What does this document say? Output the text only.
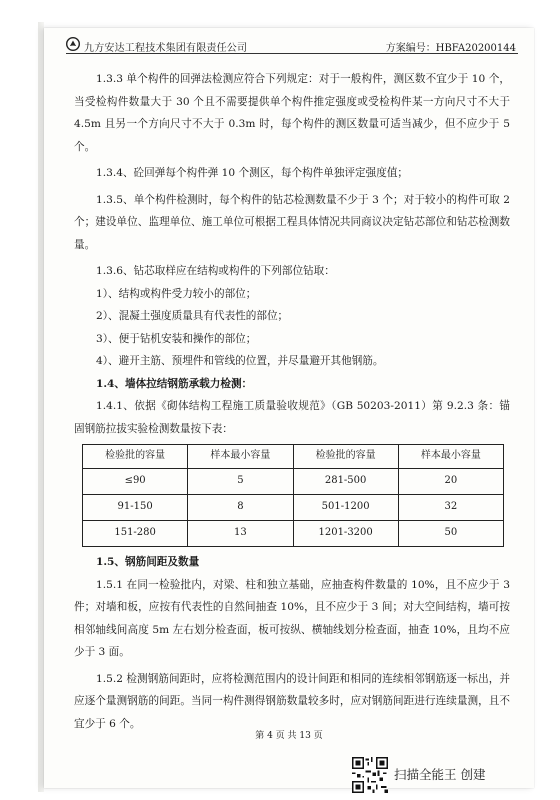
九方安达工程技术集团有限责任公司	方案编号：HBFA20200144

1.3.3 单个构件的回弹法检测应符合下列规定：对于一般构件，测区数不宜少于 10 个，当受检构件数量大于 30 个且不需要提供单个构件推定强度或受检构件某一方向尺寸不大于 4.5m 且另一个方向尺寸不大于 0.3m 时，每个构件的测区数量可适当减少，但不应少于 5 个。

1.3.4、砼回弹每个构件弹 10 个测区，每个构件单独评定强度值；

1.3.5、单个构件检测时，每个构件的钻芯检测数量不少于 3 个；对于较小的构件可取 2 个；建设单位、监理单位、施工单位可根据工程具体情况共同商议决定钻芯部位和钻芯检测数量。

1.3.6、钻芯取样应在结构或构件的下列部位钻取：

1）、结构或构件受力较小的部位；

2）、混凝土强度质量具有代表性的部位；

3）、便于钻机安装和操作的部位；

4）、避开主筋、预埋件和管线的位置，并尽量避开其他钢筋。

1.4、墙体拉结钢筋承载力检测：

1.4.1、依据《砌体结构工程施工质量验收规范》（GB 50203-2011）第 9.2.3 条：锚固钢筋拉拔实验检测数量按下表：

检验批的容量	样本最小容量	检验批的容量	样本最小容量
≤90	5	281-500	20
91-150	8	501-1200	32
151-280	13	1201-3200	50

1.5、钢筋间距及数量

1.5.1 在同一检验批内，对梁、柱和独立基础，应抽查构件数量的 10%，且不应少于 3 件；对墙和板，应按有代表性的自然间抽查 10%，且不应少于 3 间；对大空间结构，墙可按相邻轴线间高度 5m 左右划分检查面，板可按纵、横轴线划分检查面，抽查 10%，且均不应少于 3 面。

1.5.2 检测钢筋间距时，应将检测范围内的设计间距和相同的连续相邻钢筋逐一标出，并应逐个量测钢筋的间距。当同一构件测得钢筋数量较多时，应对钢筋间距进行连续量测，且不宜少于 6 个。

第 4 页 共 13 页
扫描全能王 创建
